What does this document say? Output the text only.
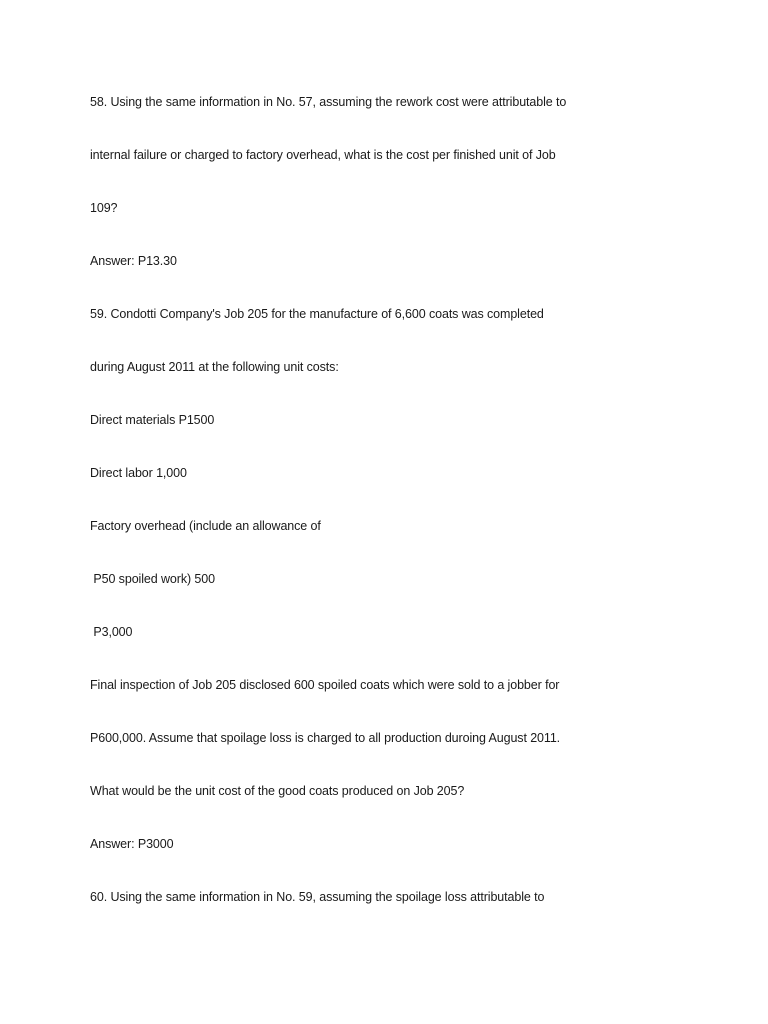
58. Using the same information in No. 57, assuming the rework cost were attributable to
internal failure or charged to factory overhead, what is the cost per finished unit of Job
109?
Answer: P13.30
59. Condotti Company's Job 205 for the manufacture of 6,600 coats was completed
during August 2011 at the following unit costs:
Direct materials P1500
Direct labor 1,000
Factory overhead (include an allowance of
P50 spoiled work) 500
P3,000
Final inspection of Job 205 disclosed 600 spoiled coats which were sold to a jobber for
P600,000. Assume that spoilage loss is charged to all production duroing August 2011.
What would be the unit cost of the good coats produced on Job 205?
Answer: P3000
60. Using the same information in No. 59, assuming the spoilage loss attributable to
